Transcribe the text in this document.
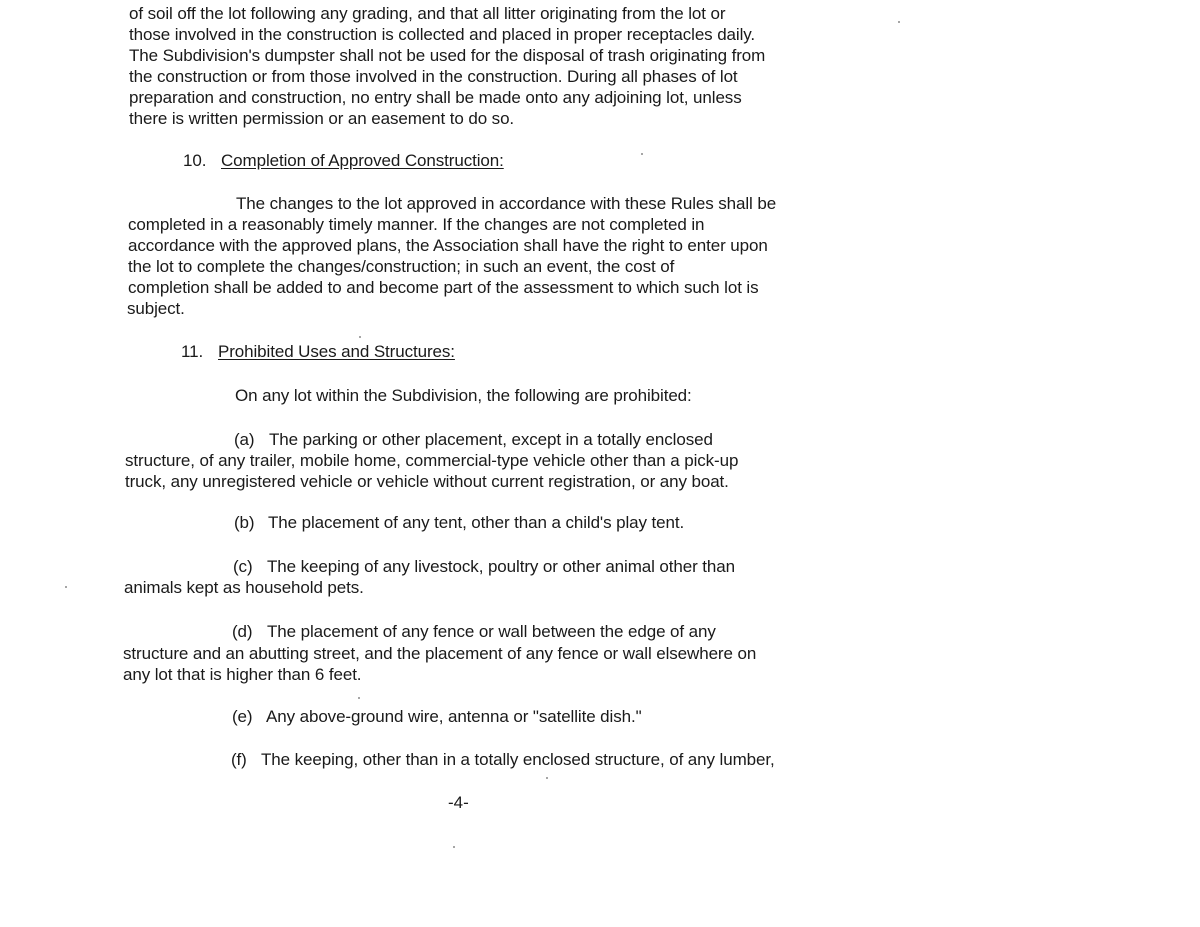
of soil off the lot following any grading, and that all litter originating from the lot or
those involved in the construction is collected and placed in proper receptacles daily.
The Subdivision's dumpster shall not be used for the disposal of trash originating from
the construction or from those involved in the construction. During all phases of lot
preparation and construction, no entry shall be made onto any adjoining lot, unless
there is written permission or an easement to do so.
10. Completion of Approved Construction:
The changes to the lot approved in accordance with these Rules shall be
completed in a reasonably timely manner. If the changes are not completed in
accordance with the approved plans, the Association shall have the right to enter upon
the lot to complete the changes/construction; in such an event, the cost of
completion shall be added to and become part of the assessment to which such lot is
subject.
11. Prohibited Uses and Structures:
On any lot within the Subdivision, the following are prohibited:
(a) The parking or other placement, except in a totally enclosed
structure, of any trailer, mobile home, commercial-type vehicle other than a pick-up
truck, any unregistered vehicle or vehicle without current registration, or any boat.
(b) The placement of any tent, other than a child's play tent.
(c) The keeping of any livestock, poultry or other animal other than
animals kept as household pets.
(d) The placement of any fence or wall between the edge of any
structure and an abutting street, and the placement of any fence or wall elsewhere on
any lot that is higher than 6 feet.
(e) Any above-ground wire, antenna or "satellite dish."
(f) The keeping, other than in a totally enclosed structure, of any lumber,
-4-
